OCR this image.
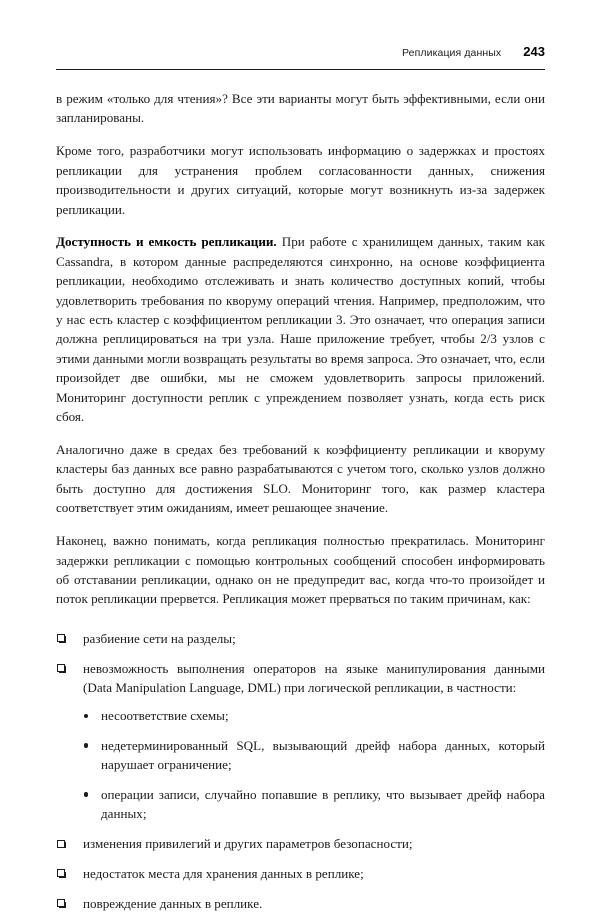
Репликация данных 243

в режим «только для чтения»? Все эти варианты могут быть эффективными, если они запланированы.

Кроме того, разработчики могут использовать информацию о задержках и простоях репликации для устранения проблем согласованности данных, снижения производительности и других ситуаций, которые могут возникнуть из-за задержек репликации.

Доступность и емкость репликации. При работе с хранилищем данных, таким как Cassandra, в котором данные распределяются синхронно, на основе коэффициента репликации, необходимо отслеживать и знать количество доступных копий, чтобы удовлетворить требования по кворуму операций чтения. Например, предположим, что у нас есть кластер с коэффициентом репликации 3. Это означает, что операция записи должна реплицироваться на три узла. Наше приложение требует, чтобы 2/3 узлов с этими данными могли возвращать результаты во время запроса. Это означает, что, если произойдет две ошибки, мы не сможем удовлетворить запросы приложений. Мониторинг доступности реплик с упреждением позволяет узнать, когда есть риск сбоя.

Аналогично даже в средах без требований к коэффициенту репликации и кворуму кластеры баз данных все равно разрабатываются с учетом того, сколько узлов должно быть доступно для достижения SLO. Мониторинг того, как размер кластера соответствует этим ожиданиям, имеет решающее значение.

Наконец, важно понимать, когда репликация полностью прекратилась. Мониторинг задержки репликации с помощью контрольных сообщений способен информировать об отставании репликации, однако он не предупредит вас, когда что-то произойдет и поток репликации прервется. Репликация может прерваться по таким причинам, как:

разбиение сети на разделы;
невозможность выполнения операторов на языке манипулирования данными (Data Manipulation Language, DML) при логической репликации, в частности:
несоответствие схемы;
недетерминированный SQL, вызывающий дрейф набора данных, который нарушает ограничение;
операции записи, случайно попавшие в реплику, что вызывает дрейф набора данных;
изменения привилегий и других параметров безопасности;
недостаток места для хранения данных в реплике;
повреждение данных в реплике.
